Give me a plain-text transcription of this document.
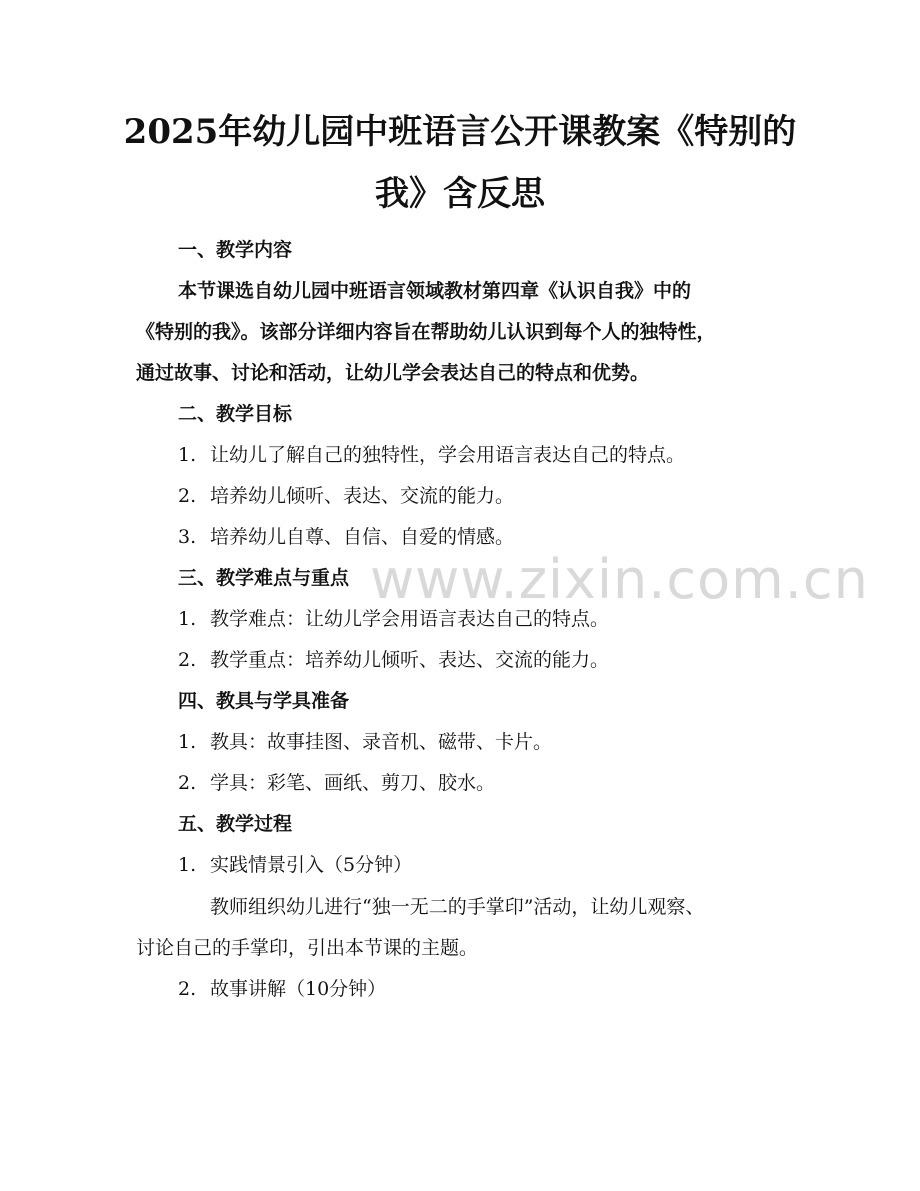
www.zixin.com.cn
2025年幼儿园中班语言公开课教案《特别的
我》含反思
一、教学内容
本节课选自幼儿园中班语言领域教材第四章《认识自我》中的
《特别的我》。该部分详细内容旨在帮助幼儿认识到每个人的独特性，
通过故事、讨论和活动，让幼儿学会表达自己的特点和优势。
二、教学目标
1. 让幼儿了解自己的独特性，学会用语言表达自己的特点。
2. 培养幼儿倾听、表达、交流的能力。
3. 培养幼儿自尊、自信、自爱的情感。
三、教学难点与重点
1. 教学难点：让幼儿学会用语言表达自己的特点。
2. 教学重点：培养幼儿倾听、表达、交流的能力。
四、教具与学具准备
1. 教具：故事挂图、录音机、磁带、卡片。
2. 学具：彩笔、画纸、剪刀、胶水。
五、教学过程
1. 实践情景引入（5分钟）
教师组织幼儿进行“独一无二的手掌印”活动，让幼儿观察、
讨论自己的手掌印，引出本节课的主题。
2. 故事讲解（10分钟）
